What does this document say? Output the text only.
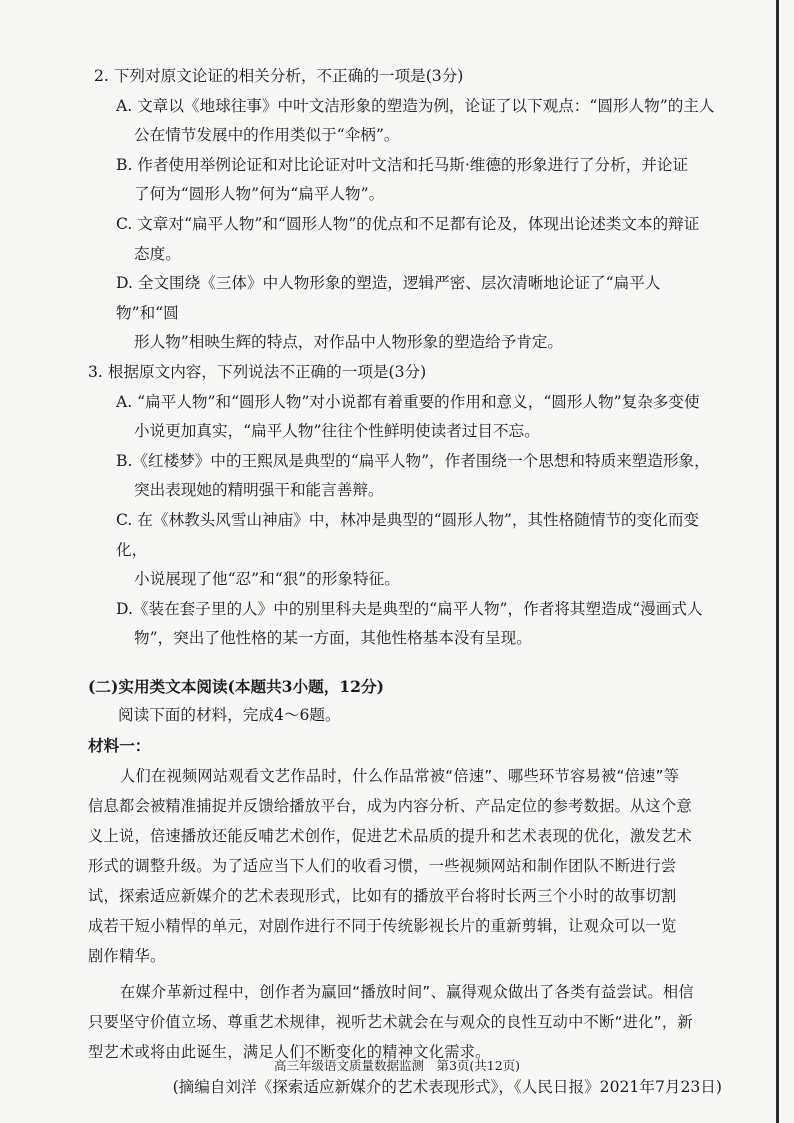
2. 下列对原文论证的相关分析，不正确的一项是(3分)
A. 文章以《地球往事》中叶文洁形象的塑造为例，论证了以下观点：“圆形人物”的主人
公在情节发展中的作用类似于“伞柄”。
B. 作者使用举例论证和对比论证对叶文洁和托马斯·维德的形象进行了分析，并论证
了何为“圆形人物”何为“扁平人物”。
C. 文章对“扁平人物”和“圆形人物”的优点和不足都有论及，体现出论述类文本的辩证
态度。
D. 全文围绕《三体》中人物形象的塑造，逻辑严密、层次清晰地论证了“扁平人物”和“圆
形人物”相映生辉的特点，对作品中人物形象的塑造给予肯定。
3. 根据原文内容，下列说法不正确的一项是(3分)
A. “扁平人物”和“圆形人物”对小说都有着重要的作用和意义，“圆形人物”复杂多变使
小说更加真实，“扁平人物”往往个性鲜明使读者过目不忘。
B.《红楼梦》中的王熙凤是典型的“扁平人物”，作者围绕一个思想和特质来塑造形象，
突出表现她的精明强干和能言善辩。
C. 在《林教头风雪山神庙》中，林冲是典型的“圆形人物”，其性格随情节的变化而变化，
小说展现了他“忍”和“狠”的形象特征。
D.《装在套子里的人》中的别里科夫是典型的“扁平人物”，作者将其塑造成“漫画式人
物”，突出了他性格的某一方面，其他性格基本没有呈现。
(二)实用类文本阅读(本题共3小题，12分)
阅读下面的材料，完成4～6题。
材料一：
人们在视频网站观看文艺作品时，什么作品常被“倍速”、哪些环节容易被“倍速”等
信息都会被精准捕捉并反馈给播放平台，成为内容分析、产品定位的参考数据。从这个意
义上说，倍速播放还能反哺艺术创作，促进艺术品质的提升和艺术表现的优化，激发艺术
形式的调整升级。为了适应当下人们的收看习惯，一些视频网站和制作团队不断进行尝
试，探索适应新媒介的艺术表现形式，比如有的播放平台将时长两三个小时的故事切割
成若干短小精悍的单元，对剧作进行不同于传统影视长片的重新剪辑，让观众可以一览
剧作精华。
在媒介革新过程中，创作者为赢回“播放时间”、赢得观众做出了各类有益尝试。相信
只要坚守价值立场、尊重艺术规律，视听艺术就会在与观众的良性互动中不断“进化”，新
型艺术或将由此诞生，满足人们不断变化的精神文化需求。
(摘编自刘洋《探索适应新媒介的艺术表现形式》，《人民日报》2021年7月23日)
高三年级语文质量数据监测　第3页(共12页)
